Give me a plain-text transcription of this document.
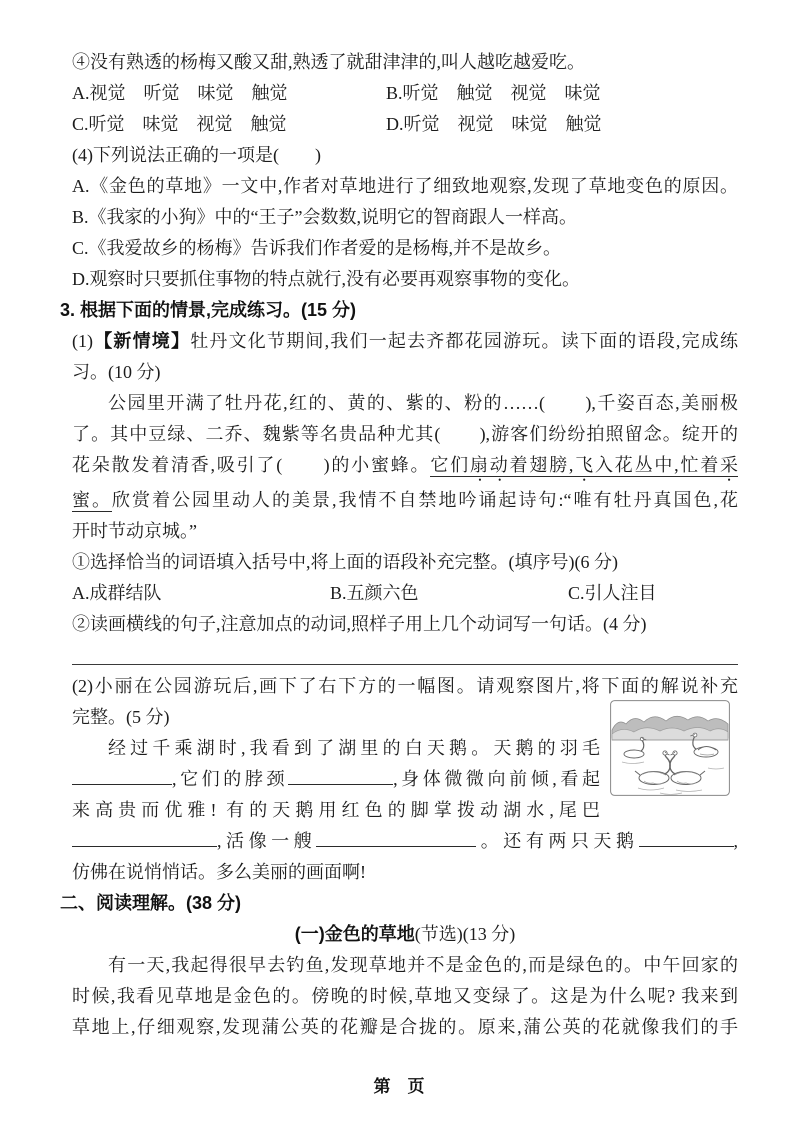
④没有熟透的杨梅又酸又甜,熟透了就甜津津的,叫人越吃越爱吃。

A.视觉　听觉　味觉　触觉	B.听觉　触觉　视觉　味觉
C.听觉　味觉　视觉　触觉	D.听觉　视觉　味觉　触觉

(4)下列说法正确的一项是(　　)

A.《金色的草地》一文中,作者对草地进行了细致地观察,发现了草地变色的原因。

B.《我家的小狗》中的“王子”会数数,说明它的智商跟人一样高。

C.《我爱故乡的杨梅》告诉我们作者爱的是杨梅,并不是故乡。

D.观察时只要抓住事物的特点就行,没有必要再观察事物的变化。

3. 根据下面的情景,完成练习。(15 分)

(1)【新情境】牡丹文化节期间,我们一起去齐都花园游玩。读下面的语段,完成练

习。(10 分)

公园里开满了牡丹花,红的、黄的、紫的、粉的……(　　),千姿百态,美丽极

了。其中豆绿、二乔、魏紫等名贵品种尤其(　　),游客们纷纷拍照留念。绽开的

花朵散发着清香,吸引了(　　)的小蜜蜂。它们扇动着翅膀,飞入花丛中,忙着采

蜜。欣赏着公园里动人的美景,我情不自禁地吟诵起诗句:“唯有牡丹真国色,花

开时节动京城。”

①选择恰当的词语填入括号中,将上面的语段补充完整。(填序号)(6 分)

A.成群结队	B.五颜六色	C.引人注目

②读画横线的句子,注意加点的动词,照样子用上几个动词写一句话。(4 分)

(2)小丽在公园游玩后,画下了右下方的一幅图。请观察图片,将下面的解说补充

完整。(5 分)

经过千乘湖时,我看到了湖里的白天鹅。天鹅的羽毛

,它们的脖颈	,身体微微向前倾,看起

来高贵而优雅! 有的天鹅用红色的脚掌拨动湖水,尾巴

,活像一艘	。还有两只天鹅	,

仿佛在说悄悄话。多么美丽的画面啊!

二、阅读理解。(38 分)

(一)金色的草地(节选)(13 分)

有一天,我起得很早去钓鱼,发现草地并不是金色的,而是绿色的。中午回家的

时候,我看见草地是金色的。傍晚的时候,草地又变绿了。这是为什么呢? 我来到

草地上,仔细观察,发现蒲公英的花瓣是合拢的。原来,蒲公英的花就像我们的手

第　页
